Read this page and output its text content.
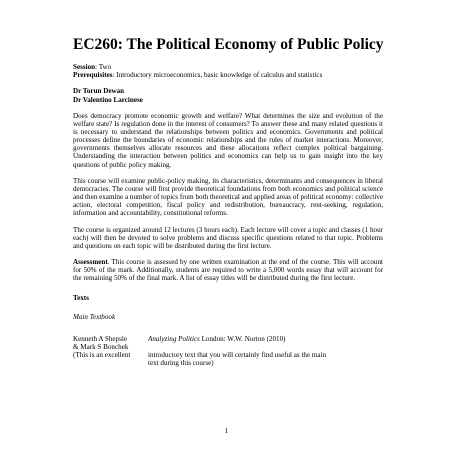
EC260: The Political Economy of Public Policy

Session: Two

Prerequisites: Introductory microeconomics, basic knowledge of calculus and statistics

Dr Torun Dewan

Dr Valentino Larcinese

Does democracy promote economic growth and welfare? What determines the size and evolution of the welfare state? Is regulation done in the interest of consumers? To answer these and many related questions it is necessary to understand the relationships between politics and economics. Governments and political processes define the boundaries of economic relationships and the rules of market interactions. Moreover, governments themselves allocate resources and these allocations reflect complex political bargaining. Understanding the interaction between politics and economics can help us to gain insight into the key questions of public policy making.

This course will examine public-policy making, its characteristics, determinants and consequences in liberal democracies. The course will first provide theoretical foundations from both economics and political science and then examine a number of topics from both theoretical and applied areas of political economy: collective action, electoral competition, fiscal policy and redistribution, bureaucracy, rent-seeking, regulation, information and accountability, constitutional reforms.

The course is organized around 12 lectures (3 hours each). Each lecture will cover a topic and classes (1 hour each) will then be devoted to solve problems and discuss specific questions related to that topic. Problems and questions on each topic will be distributed during the first lecture.

Assessment. This course is assessed by one written examination at the end of the course. This will account for 50% of the mark. Additionally, students are required to write a 5,000 words essay that will account for the remaining 50% of the final mark. A list of essay titles will be distributed during the first lecture.

Texts

Main Textbook

Kenneth A Shepsle
& Mark S Bonchek
Analyzing Politics London: W.W. Norton (2010)
(This is an excellent	introductory text that you will certainly find useful as the main
text during this course)
1
